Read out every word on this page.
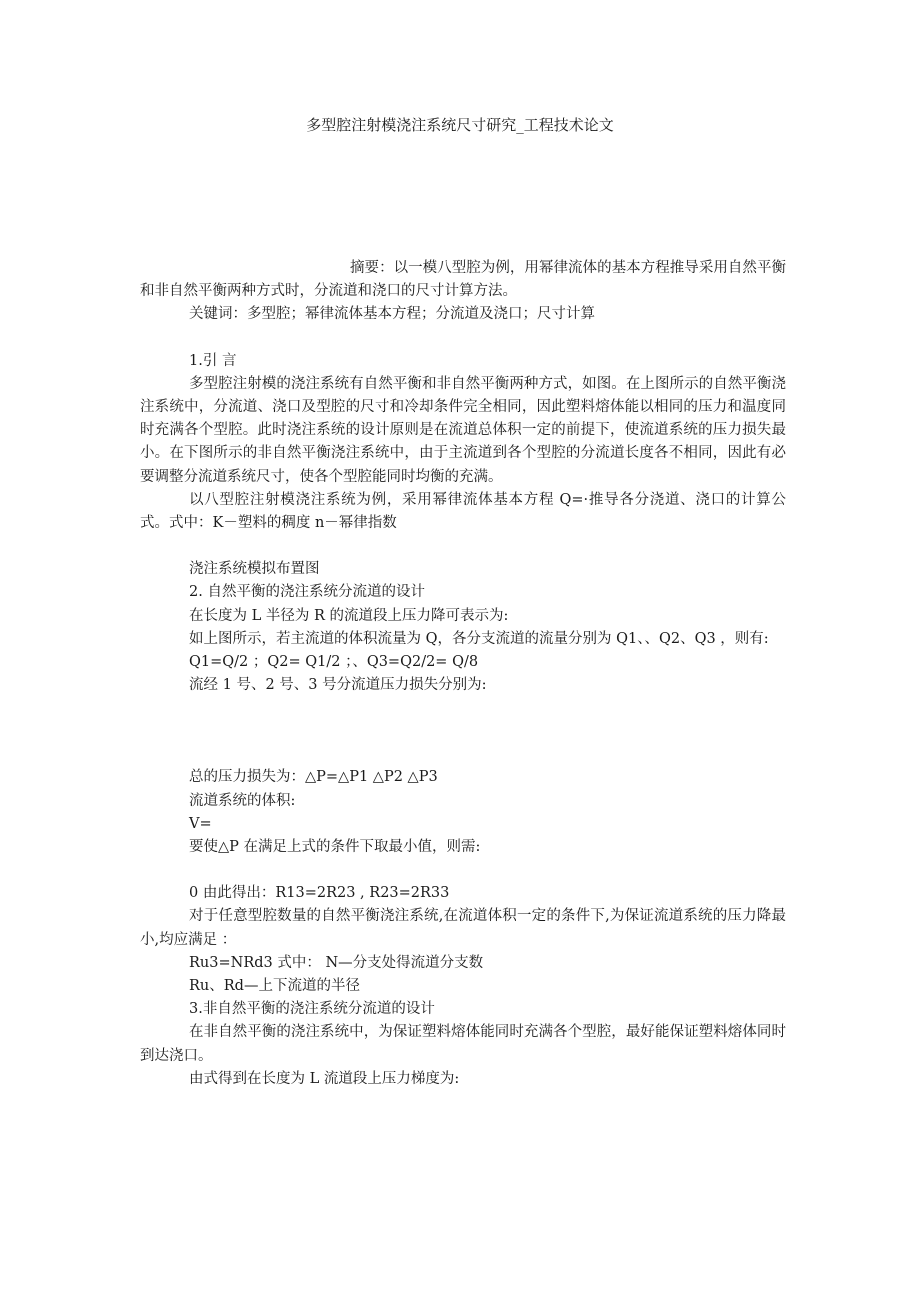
多型腔注射模浇注系统尺寸研究_工程技术论文

摘要：以一模八型腔为例，用幂律流体的基本方程推导采用自然平衡和非自然平衡两种方式时，分流道和浇口的尺寸计算方法。

关键词：多型腔；幂律流体基本方程；分流道及浇口；尺寸计算

1.引 言

多型腔注射模的浇注系统有自然平衡和非自然平衡两种方式，如图。在上图所示的自然平衡浇注系统中，分流道、浇口及型腔的尺寸和冷却条件完全相同，因此塑料熔体能以相同的压力和温度同时充满各个型腔。此时浇注系统的设计原则是在流道总体积一定的前提下，使流道系统的压力损失最小。在下图所示的非自然平衡浇注系统中，由于主流道到各个型腔的分流道长度各不相同，因此有必要调整分流道系统尺寸，使各个型腔能同时均衡的充满。

以八型腔注射模浇注系统为例，采用幂律流体基本方程 Q=·推导各分浇道、浇口的计算公式。式中：K－塑料的稠度 n－幂律指数

浇注系统模拟布置图

2. 自然平衡的浇注系统分流道的设计

在长度为 L 半径为 R 的流道段上压力降可表示为:

如上图所示，若主流道的体积流量为 Q，各分支流道的流量分别为 Q1、、Q2、Q3 ，则有:

Q1=Q/2 ；Q2= Q1/2 ；、Q3=Q2/2= Q/8

流经 1 号、2 号、3 号分流道压力损失分别为:

总的压力损失为：△P=△P1 △P2 △P3

流道系统的体积:

V=

要使△P 在满足上式的条件下取最小值，则需:

0 由此得出：R13=2R23 , R23=2R33

对于任意型腔数量的自然平衡浇注系统,在流道体积一定的条件下,为保证流道系统的压力降最小,均应满足 ：

Ru3=NRd3 式中： N—分支处得流道分支数

Ru、Rd—上下流道的半径

3.非自然平衡的浇注系统分流道的设计

在非自然平衡的浇注系统中，为保证塑料熔体能同时充满各个型腔，最好能保证塑料熔体同时到达浇口。

由式得到在长度为 L 流道段上压力梯度为:
